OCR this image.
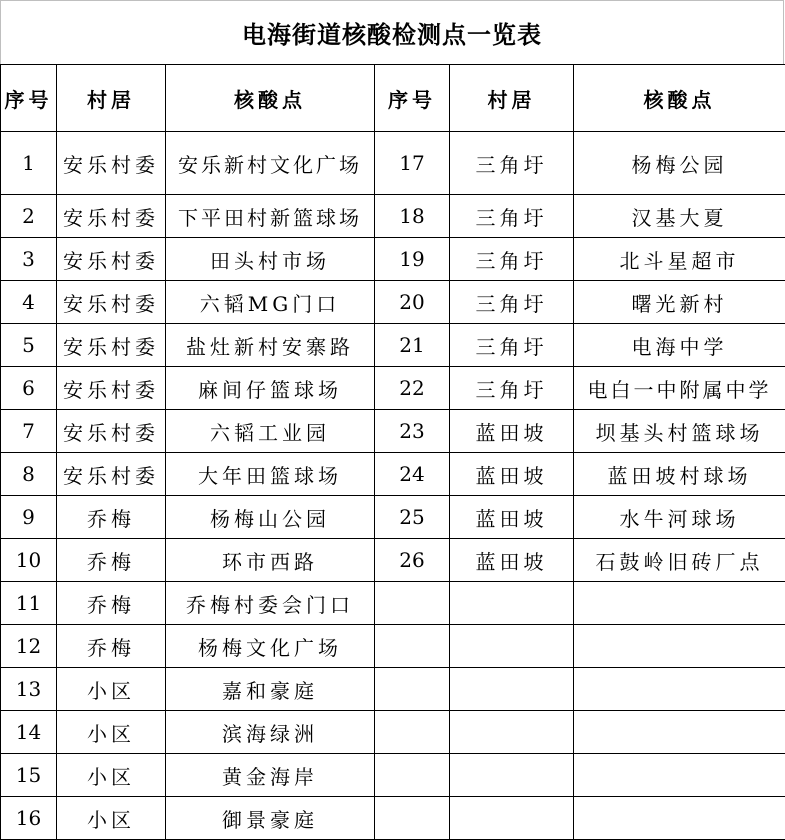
电海街道核酸检测点一览表
序号	村居	核酸点	序号	村居	核酸点
1	安乐村委	安乐新村文化广场	17	三角圩	杨梅公园
2	安乐村委	下平田村新篮球场	18	三角圩	汉基大夏
3	安乐村委	田头村市场	19	三角圩	北斗星超市
4	安乐村委	六韬MG门口	20	三角圩	曙光新村
5	安乐村委	盐灶新村安寨路	21	三角圩	电海中学
6	安乐村委	麻间仔篮球场	22	三角圩	电白一中附属中学
7	安乐村委	六韬工业园	23	蓝田坡	坝基头村篮球场
8	安乐村委	大年田篮球场	24	蓝田坡	蓝田坡村球场
9	乔梅	杨梅山公园	25	蓝田坡	水牛河球场
10	乔梅	环市西路	26	蓝田坡	石鼓岭旧砖厂点
11	乔梅	乔梅村委会门口			
12	乔梅	杨梅文化广场			
13	小区	嘉和豪庭			
14	小区	滨海绿洲			
15	小区	黄金海岸			
16	小区	御景豪庭			
